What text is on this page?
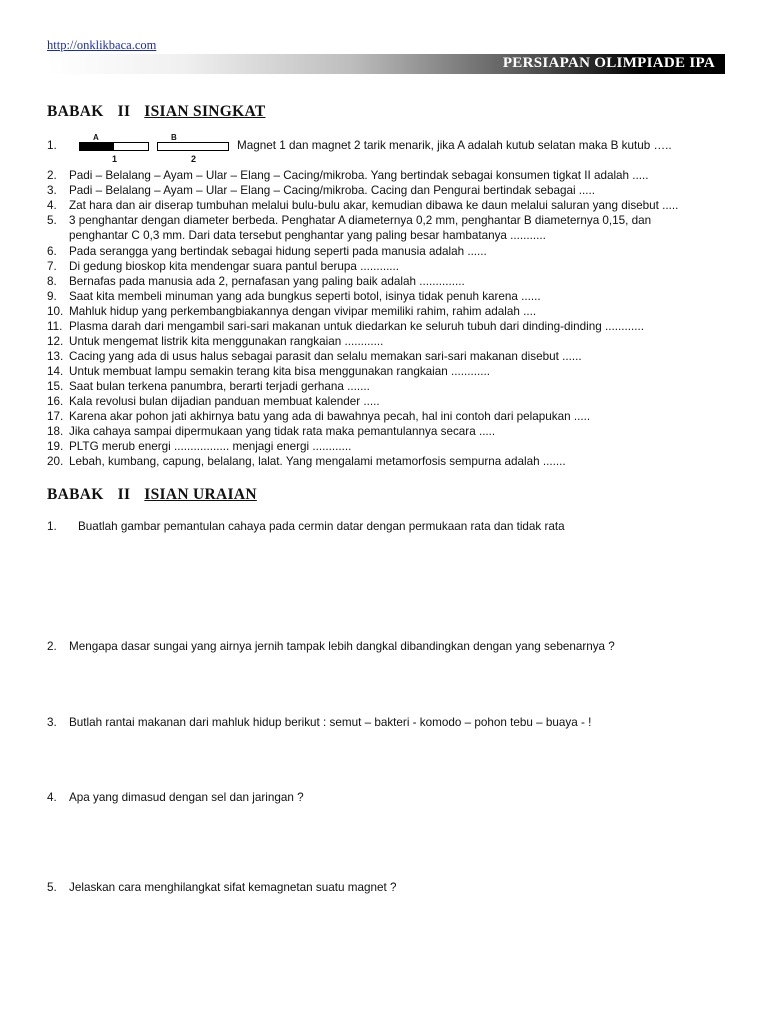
http://onklikbaca.com
PERSIAPAN OLIMPIADE IPA
BABAK II ISIAN SINGKAT
A	B
1	2
1.	Magnet 1 dan magnet 2 tarik menarik, jika A adalah kutub selatan maka B kutub …..
2. Padi – Belalang – Ayam – Ular – Elang – Cacing/mikroba. Yang bertindak sebagai konsumen tigkat II adalah .....
3. Padi – Belalang – Ayam – Ular – Elang – Cacing/mikroba. Cacing dan Pengurai bertindak sebagai .....
4. Zat hara dan air diserap tumbuhan melalui bulu-bulu akar, kemudian dibawa ke daun melalui saluran yang disebut .....
5. 3 penghantar dengan diameter berbeda. Penghatar A diameternya 0,2 mm, penghantar B diameternya 0,15, dan
penghantar C 0,3 mm. Dari data tersebut penghantar yang paling besar hambatanya ...........
6. Pada serangga yang bertindak sebagai hidung seperti pada manusia adalah ......
7. Di gedung bioskop kita mendengar suara pantul berupa ............
8. Bernafas pada manusia ada 2, pernafasan yang paling baik adalah ..............
9. Saat kita membeli minuman yang ada bungkus seperti botol, isinya tidak penuh karena ......
10. Mahluk hidup yang perkembangbiakannya dengan vivipar memiliki rahim, rahim adalah ....
11. Plasma darah dari mengambil sari-sari makanan untuk diedarkan ke seluruh tubuh dari dinding-dinding ............
12. Untuk mengemat listrik kita menggunakan rangkaian ............
13. Cacing yang ada di usus halus sebagai parasit dan selalu memakan sari-sari makanan disebut ......
14. Untuk membuat lampu semakin terang kita bisa menggunakan rangkaian ............
15. Saat bulan terkena panumbra, berarti terjadi gerhana .......
16. Kala revolusi bulan dijadian panduan membuat kalender .....
17. Karena akar pohon jati akhirnya batu yang ada di bawahnya pecah, hal ini contoh dari pelapukan .....
18. Jika cahaya sampai dipermukaan yang tidak rata maka pemantulannya secara .....
19. PLTG merub energi ................. menjagi energi ............
20. Lebah, kumbang, capung, belalang, lalat. Yang mengalami metamorfosis sempurna adalah .......
BABAK II ISIAN URAIAN
1. Buatlah gambar pemantulan cahaya pada cermin datar dengan permukaan rata dan tidak rata
2. Mengapa dasar sungai yang airnya jernih tampak lebih dangkal dibandingkan dengan yang sebenarnya ?
3. Butlah rantai makanan dari mahluk hidup berikut : semut – bakteri - komodo – pohon tebu – buaya - !
4. Apa yang dimasud dengan sel dan jaringan ?
5. Jelaskan cara menghilangkat sifat kemagnetan suatu magnet ?
